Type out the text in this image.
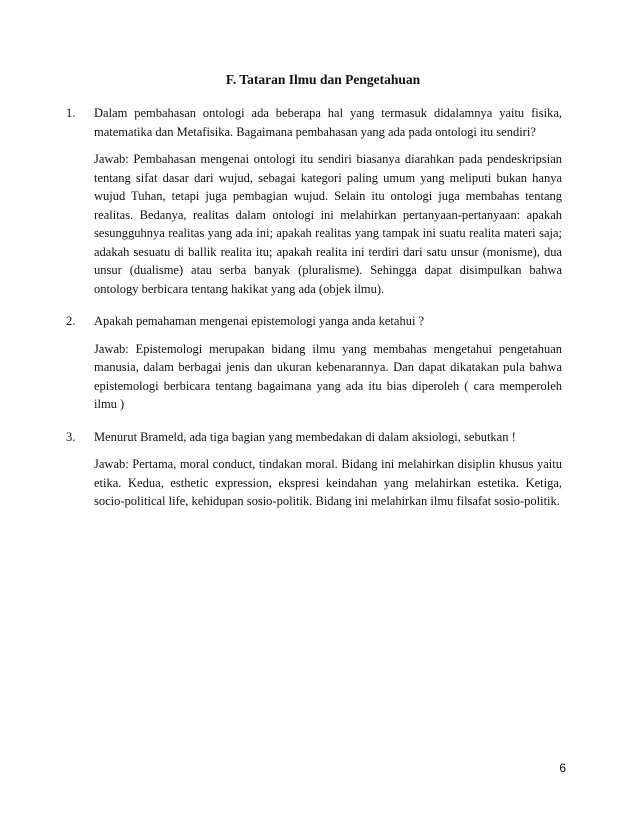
F. Tataran Ilmu dan Pengetahuan
1. Dalam pembahasan ontologi ada beberapa hal yang termasuk didalamnya yaitu fisika, matematika dan Metafisika. Bagaimana pembahasan yang ada pada ontologi itu sendiri?

Jawab: Pembahasan mengenai ontologi itu sendiri biasanya diarahkan pada pendeskripsian tentang sifat dasar dari wujud, sebagai kategori paling umum yang meliputi bukan hanya wujud Tuhan, tetapi juga pembagian wujud. Selain itu ontologi juga membahas tentang realitas. Bedanya, realitas dalam ontologi ini melahirkan pertanyaan-pertanyaan: apakah sesungguhnya realitas yang ada ini; apakah realitas yang tampak ini suatu realita materi saja; adakah sesuatu di ballik realita itu; apakah realita ini terdiri dari satu unsur (monisme), dua unsur (dualisme) atau serba banyak (pluralisme). Sehingga dapat disimpulkan bahwa ontology berbicara tentang hakikat yang ada (objek ilmu).

2. Apakah pemahaman mengenai epistemologi yanga anda ketahui ?

Jawab: Epistemologi merupakan bidang ilmu yang membahas mengetahui pengetahuan manusia, dalam berbagai jenis dan ukuran kebenarannya. Dan dapat dikatakan pula bahwa epistemologi berbicara tentang bagaimana yang ada itu bias diperoleh ( cara memperoleh ilmu )

3. Menurut Brameld, ada tiga bagian yang membedakan di dalam aksiologi, sebutkan !

Jawab: Pertama, moral conduct, tindakan moral. Bidang ini melahirkan disiplin khusus yaitu etika. Kedua, esthetic expression, ekspresi keindahan yang melahirkan estetika. Ketiga, socio-political life, kehidupan sosio-politik. Bidang ini melahirkan ilmu filsafat sosio-politik.

6
